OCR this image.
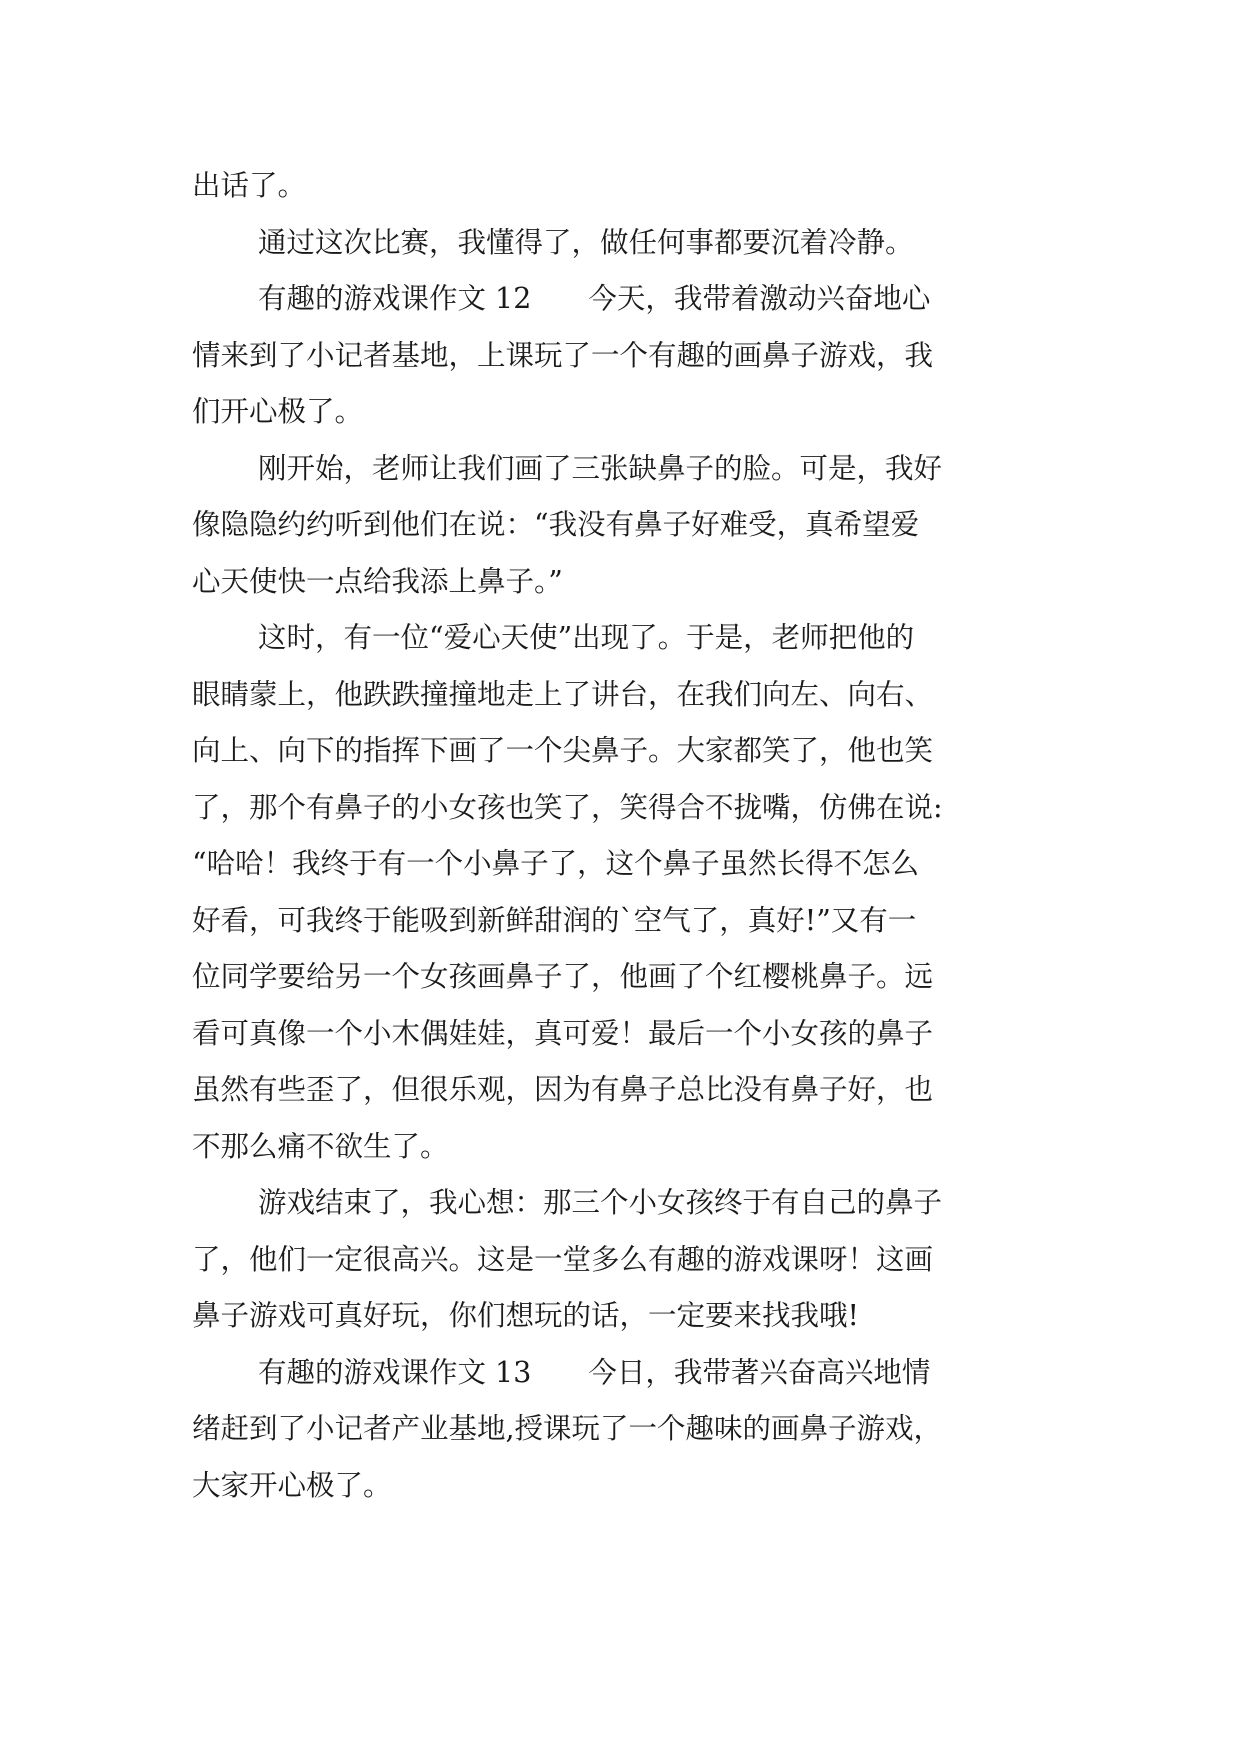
出话了。
通过这次比赛，我懂得了，做任何事都要沉着冷静。
有趣的游戏课作文 12　　今天，我带着激动兴奋地心
情来到了小记者基地，上课玩了一个有趣的画鼻子游戏，我
们开心极了。
刚开始，老师让我们画了三张缺鼻子的脸。可是，我好
像隐隐约约听到他们在说：“我没有鼻子好难受，真希望爱
心天使快一点给我添上鼻子。”
这时，有一位“爱心天使”出现了。于是，老师把他的
眼睛蒙上，他跌跌撞撞地走上了讲台，在我们向左、向右、
向上、向下的指挥下画了一个尖鼻子。大家都笑了，他也笑
了，那个有鼻子的小女孩也笑了，笑得合不拢嘴，仿佛在说:
“哈哈！我终于有一个小鼻子了，这个鼻子虽然长得不怎么
好看，可我终于能吸到新鲜甜润的`空气了，真好!”又有一
位同学要给另一个女孩画鼻子了，他画了个红樱桃鼻子。远
看可真像一个小木偶娃娃，真可爱！最后一个小女孩的鼻子
虽然有些歪了，但很乐观，因为有鼻子总比没有鼻子好，也
不那么痛不欲生了。
游戏结束了，我心想：那三个小女孩终于有自己的鼻子
了，他们一定很高兴。这是一堂多么有趣的游戏课呀！这画
鼻子游戏可真好玩，你们想玩的话，一定要来找我哦!
有趣的游戏课作文 13　　今日，我带著兴奋高兴地情
绪赶到了小记者产业基地,授课玩了一个趣味的画鼻子游戏，
大家开心极了。
